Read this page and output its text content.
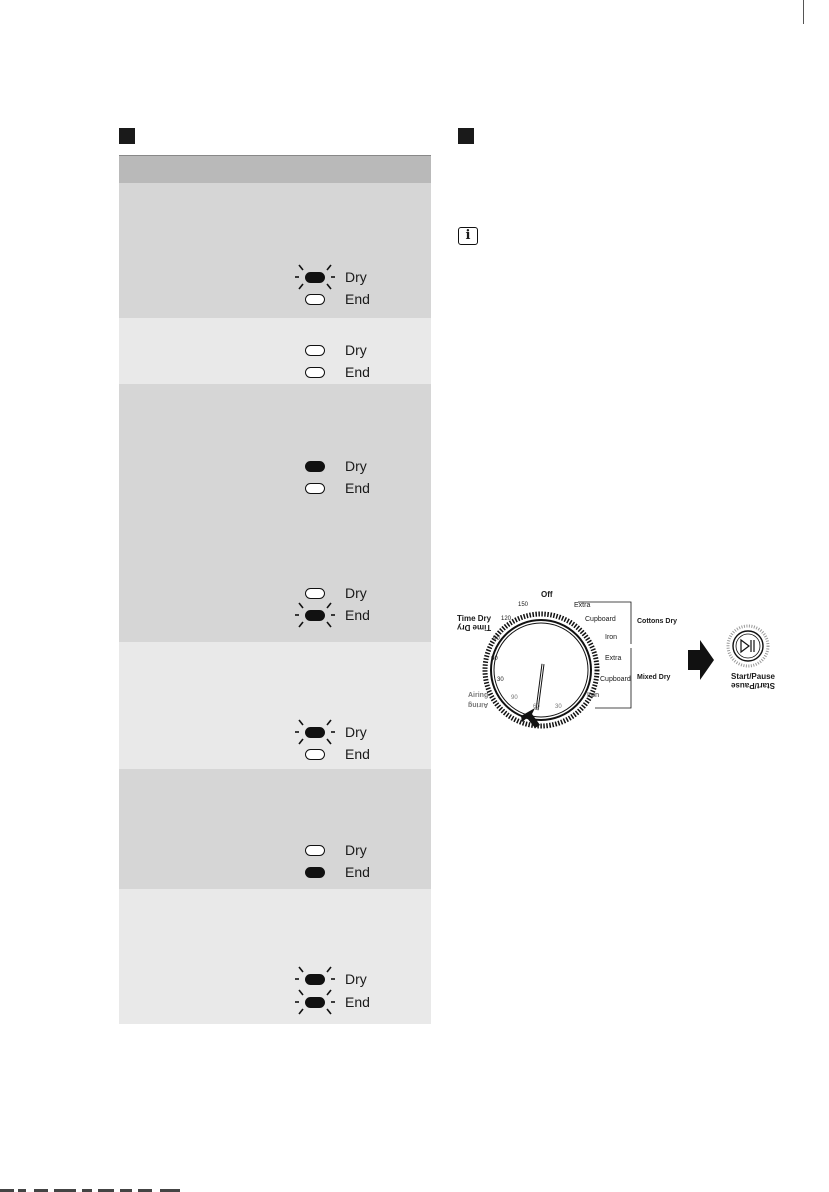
Dry
End
Dry
End
Dry
End
Dry
End
Dry
End
Dry
End
Dry
End
i
Off
Time Dry
Time Dry
150
120
90
60
30
Airing
Airing
90
60	30
Extra
Cupboard
Iron
Cottons Dry
Extra
Cupboard
Iron
Mixed Dry	Start/Pause
Start/Pause
